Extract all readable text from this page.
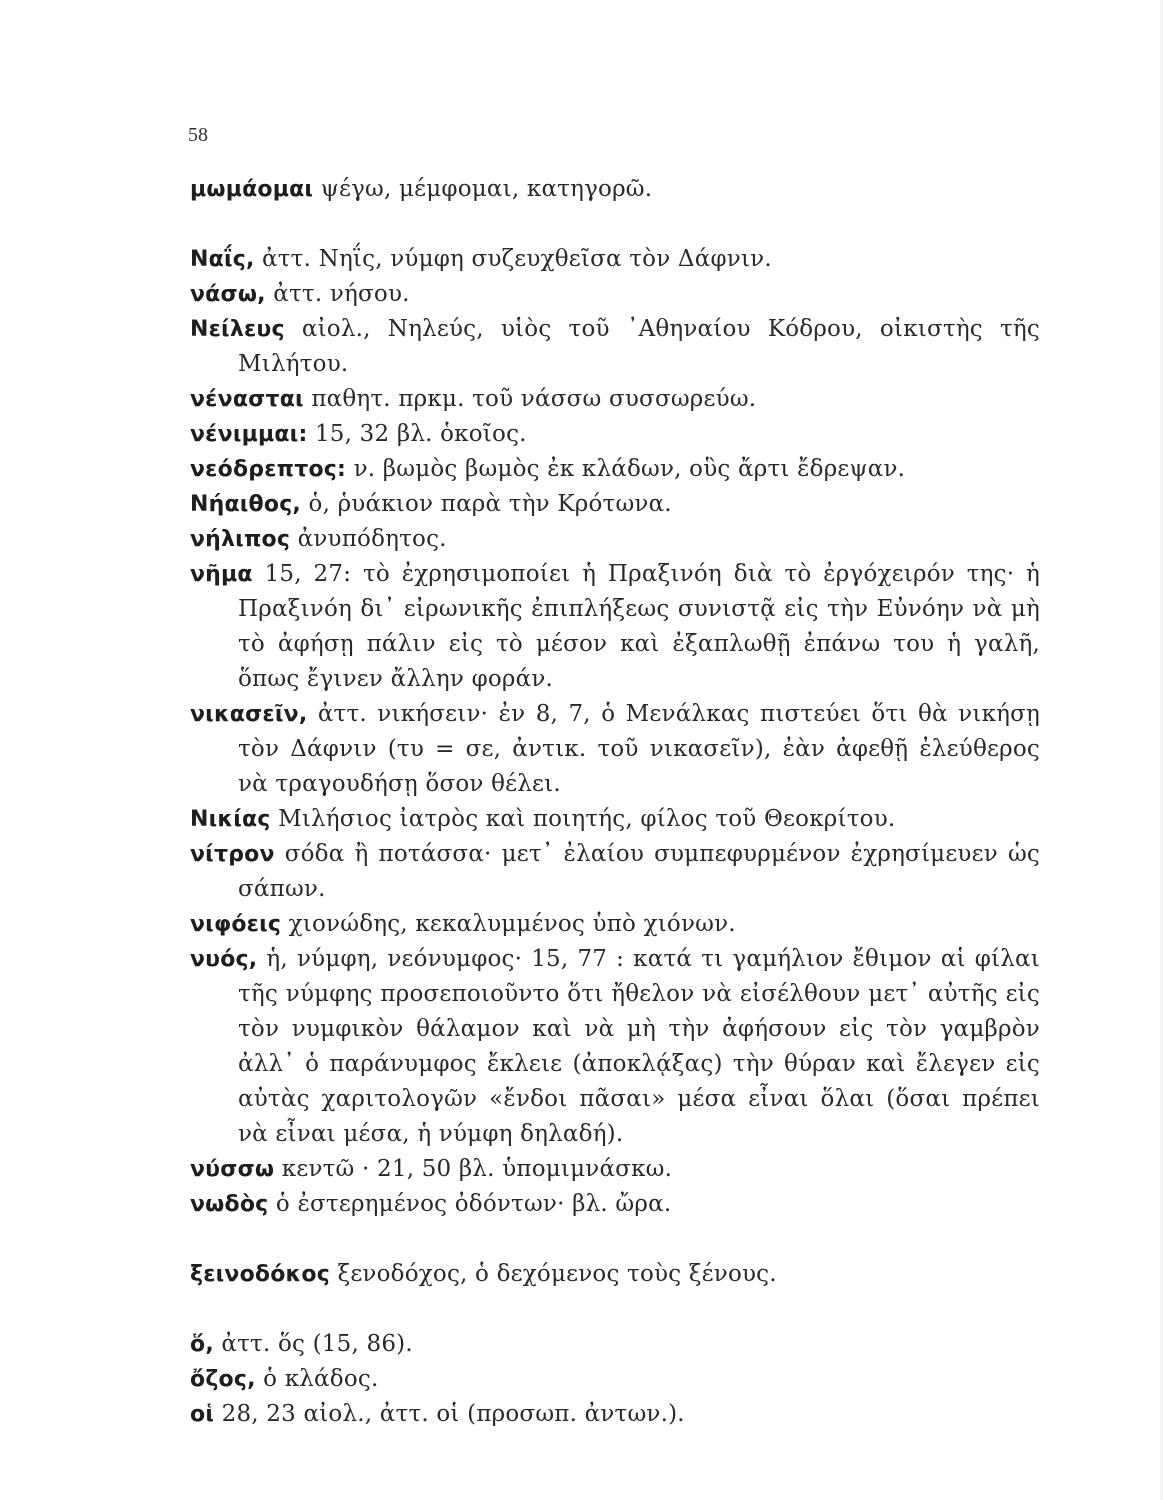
58
μωμάομαι ψέγω, μέμφομαι, κατηγορῶ.
Ναΐς, ἀττ. Νηΐς, νύμφη συζευχθεῖσα τὸν Δάφνιν.
νάσω, ἀττ. νήσου.
Νείλευς αἰολ., Νηλεύς, υἱὸς τοῦ ᾿Αθηναίου Κόδρου, οἰκιστὴς τῆς Μιλήτου.
νένασται παθητ. πρκμ. τοῦ νάσσω συσσωρεύω.
νένιμμαι: 15, 32 βλ. ὁκοῖος.
νεόδρεπτος: ν. βωμὸς βωμὸς ἐκ κλάδων, οὓς ἄρτι ἔδρεψαν.
Νήαιθος, ὁ, ῥυάκιον παρὰ τὴν Κρότωνα.
νήλιπος ἀνυπόδητος.
νῆμα 15, 27: τὸ ἐχρησιμοποίει ἡ Πραξινόη διὰ τὸ ἐργόχειρόν της· ἡ Πραξινόη δι᾿ εἰρωνικῆς ἐπιπλήξεως συνιστᾷ εἰς τὴν Εὐνόην νὰ μὴ τὸ ἀφήσῃ πάλιν εἰς τὸ μέσον καὶ ἐξαπλωθῇ ἐπάνω του ἡ γαλῆ, ὅπως ἔγινεν ἄλλην φοράν.
νικασεῖν, ἀττ. νικήσειν· ἐν 8, 7, ὁ Μενάλκας πιστεύει ὅτι θὰ νικήσῃ τὸν Δάφνιν (τυ = σε, ἀντικ. τοῦ νικασεῖν), ἐὰν ἀφεθῇ ἐλεύθερος νὰ τραγουδήσῃ ὅσον θέλει.
Νικίας Μιλήσιος ἰατρὸς καὶ ποιητής, φίλος τοῦ Θεοκρίτου.
νίτρον σόδα ἢ ποτάσσα· μετ᾿ ἐλαίου συμπεφυρμένον ἐχρησίμευεν ὡς σάπων.
νιφόεις χιονώδης, κεκαλυμμένος ὑπὸ χιόνων.
νυός, ἡ, νύμφη, νεόνυμφος· 15, 77 : κατά τι γαμήλιον ἔθιμον αἱ φίλαι τῆς νύμφης προσεποιοῦντο ὅτι ἤθελον νὰ εἰσέλθουν μετ᾿ αὐτῆς εἰς τὸν νυμφικὸν θάλαμον καὶ νὰ μὴ τὴν ἀφήσουν εἰς τὸν γαμβρὸν ἀλλ᾿ ὁ παράνυμφος ἔκλειε (ἀποκλᾴξας) τὴν θύραν καὶ ἔλεγεν εἰς αὐτὰς χαριτολογῶν «ἔνδοι πᾶσαι» μέσα εἶναι ὅλαι (ὅσαι πρέπει νὰ εἶναι μέσα, ἡ νύμφη δηλαδή).
νύσσω κεντῶ · 21, 50 βλ. ὑπομιμνάσκω.
νωδὸς ὁ ἐστερημένος ὀδόντων· βλ. ὤρα.
ξεινοδόκος ξενοδόχος, ὁ δεχόμενος τοὺς ξένους.
ὅ, ἀττ. ὅς (15, 86).
ὄζος, ὁ κλάδος.
οἱ 28, 23 αἰολ., ἀττ. οἱ (προσωπ. ἀντων.).
